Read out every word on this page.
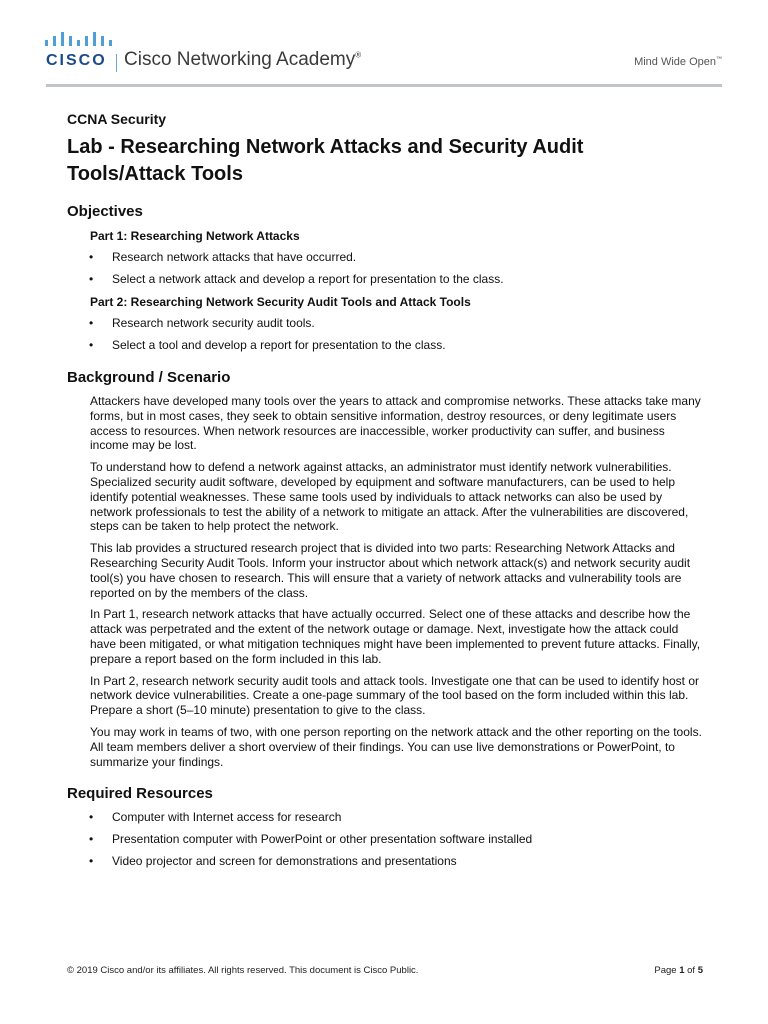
CISCO Cisco Networking Academy®
Mind Wide Open™
CCNA Security
Lab - Researching Network Attacks and Security Audit
Tools/Attack Tools
Objectives
Part 1: Researching Network Attacks
• Research network attacks that have occurred.
• Select a network attack and develop a report for presentation to the class.
Part 2: Researching Network Security Audit Tools and Attack Tools
• Research network security audit tools.
• Select a tool and develop a report for presentation to the class.
Background / Scenario

Attackers have developed many tools over the years to attack and compromise networks. These attacks take many forms, but in most cases, they seek to obtain sensitive information, destroy resources, or deny legitimate users access to resources. When network resources are inaccessible, worker productivity can suffer, and business income may be lost.

To understand how to defend a network against attacks, an administrator must identify network vulnerabilities. Specialized security audit software, developed by equipment and software manufacturers, can be used to help identify potential weaknesses. These same tools used by individuals to attack networks can also be used by network professionals to test the ability of a network to mitigate an attack. After the vulnerabilities are discovered, steps can be taken to help protect the network.

This lab provides a structured research project that is divided into two parts: Researching Network Attacks and Researching Security Audit Tools. Inform your instructor about which network attack(s) and network security audit tool(s) you have chosen to research. This will ensure that a variety of network attacks and vulnerability tools are reported on by the members of the class.

In Part 1, research network attacks that have actually occurred. Select one of these attacks and describe how the attack was perpetrated and the extent of the network outage or damage. Next, investigate how the attack could have been mitigated, or what mitigation techniques might have been implemented to prevent future attacks. Finally, prepare a report based on the form included in this lab.

In Part 2, research network security audit tools and attack tools. Investigate one that can be used to identify host or network device vulnerabilities. Create a one-page summary of the tool based on the form included within this lab. Prepare a short (5–10 minute) presentation to give to the class.

You may work in teams of two, with one person reporting on the network attack and the other reporting on the tools. All team members deliver a short overview of their findings. You can use live demonstrations or PowerPoint, to summarize your findings.

Required Resources
• Computer with Internet access for research
• Presentation computer with PowerPoint or other presentation software installed
• Video projector and screen for demonstrations and presentations
© 2019 Cisco and/or its affiliates. All rights reserved. This document is Cisco Public.	Page 1 of 5
